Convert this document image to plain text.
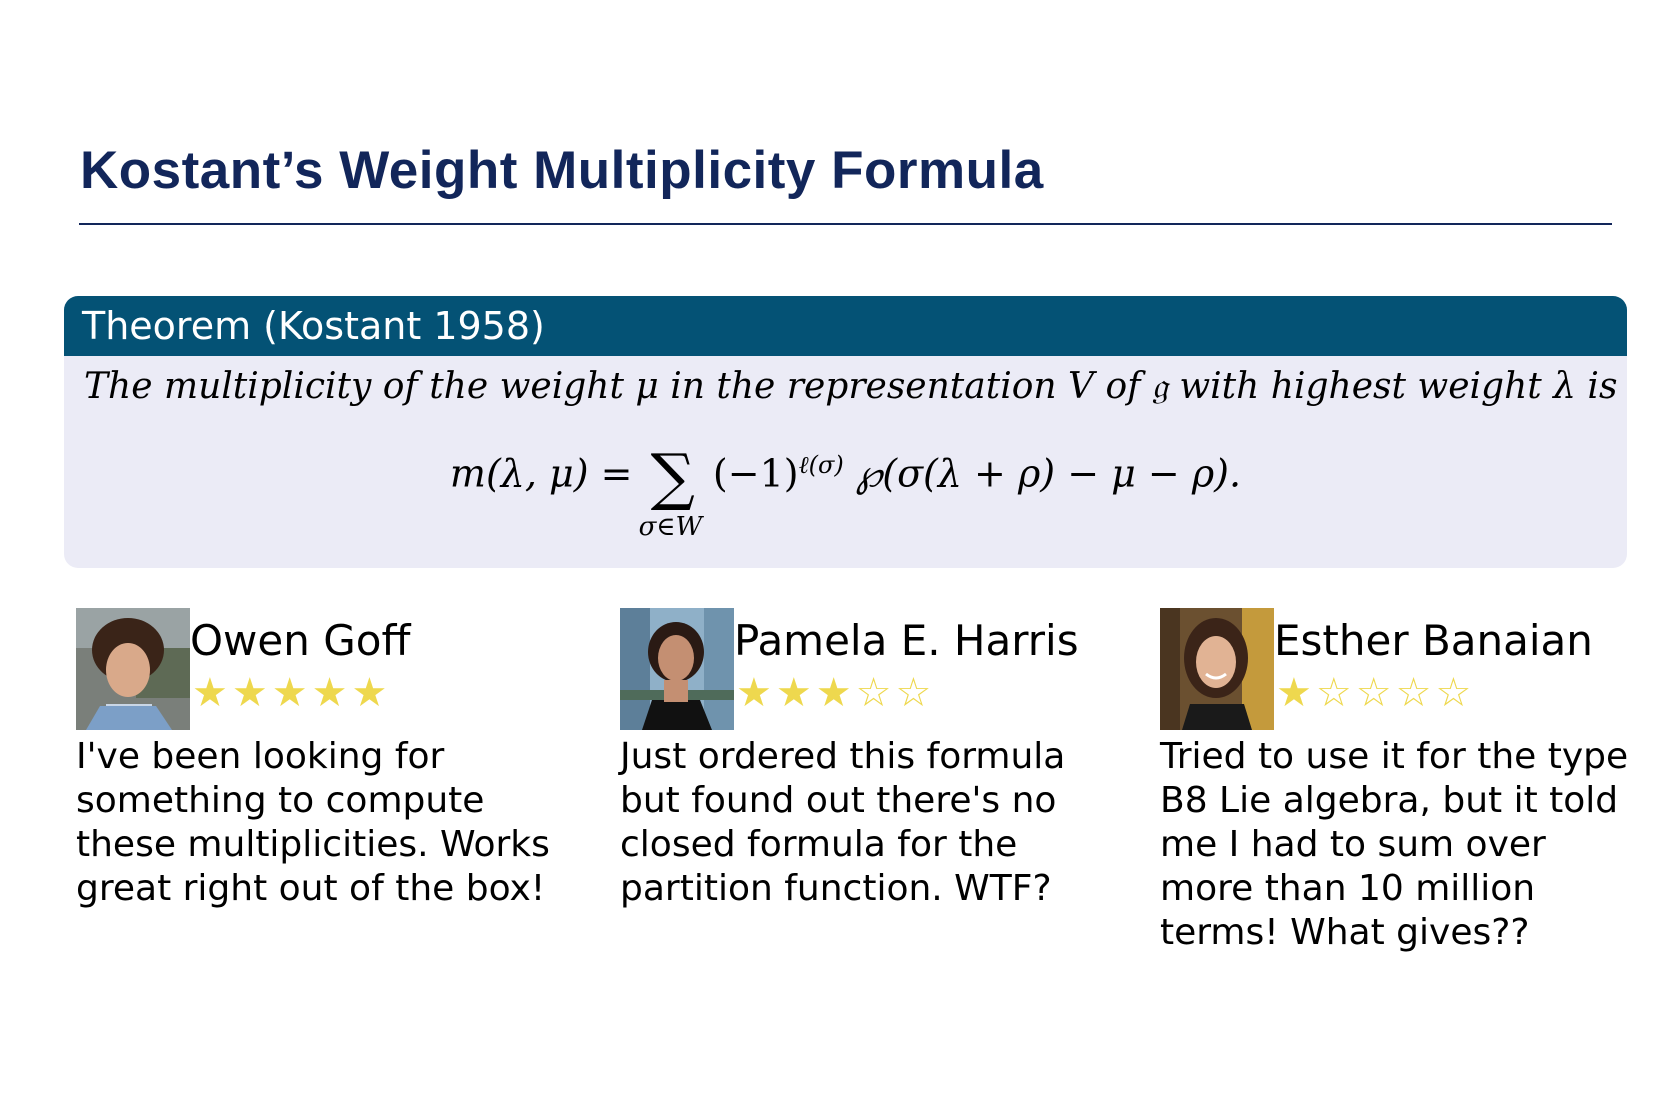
Kostant’s Weight Multiplicity Formula
Theorem (Kostant 1958)
The multiplicity of the weight μ in the representation V of 𝔤 with highest weight λ is
m(λ, μ) = ∑
σ∈W
$(-1)^{\ell(\sigma)}$ ℘(σ(λ + ρ) − μ − ρ).
Owen Goff
★★★★★
I've been looking for
something to compute
these multiplicities. Works
great right out of the box!
Pamela E. Harris
★★★☆☆
Just ordered this formula
but found out there's no
closed formula for the
partition function. WTF?
Esther Banaian
★☆☆☆☆
Tried to use it for the type
B8 Lie algebra, but it told
me I had to sum over
more than 10 million
terms! What gives??
